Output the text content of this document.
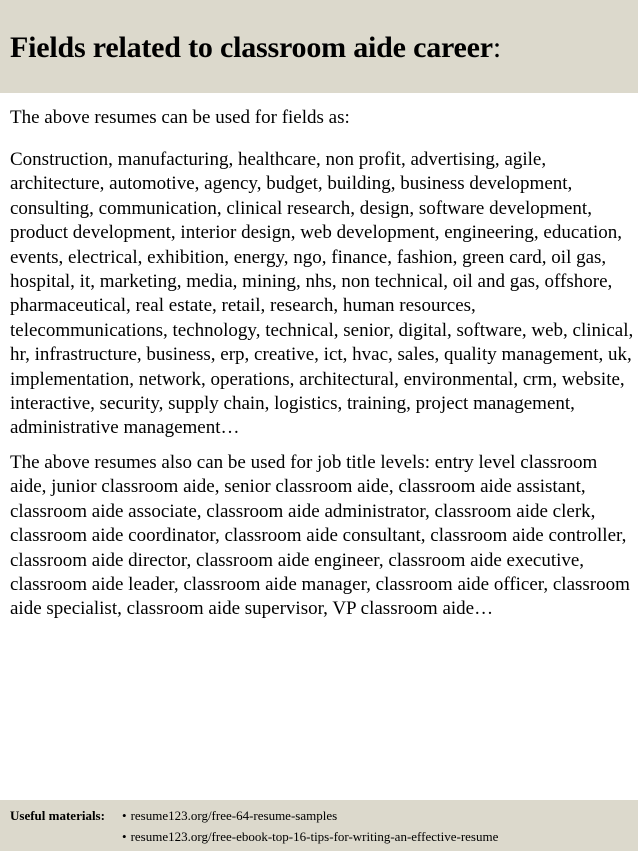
Fields related to classroom aide career:

The above resumes can be used for fields as:

Construction, manufacturing, healthcare, non profit, advertising, agile, architecture, automotive, agency, budget, building, business development, consulting, communication, clinical research, design, software development, product development, interior design, web development, engineering, education, events, electrical, exhibition, energy, ngo, finance, fashion, green card, oil gas, hospital, it, marketing, media, mining, nhs, non technical, oil and gas, offshore, pharmaceutical, real estate, retail, research, human resources, telecommunications, technology, technical, senior, digital, software, web, clinical, hr, infrastructure, business, erp, creative, ict, hvac, sales, quality management, uk, implementation, network, operations, architectural, environmental, crm, website, interactive, security, supply chain, logistics, training, project management, administrative management…

The above resumes also can be used for job title levels: entry level classroom aide, junior classroom aide, senior classroom aide, classroom aide assistant, classroom aide associate, classroom aide administrator, classroom aide clerk, classroom aide coordinator, classroom aide consultant, classroom aide controller, classroom aide director, classroom aide engineer, classroom aide executive, classroom aide leader, classroom aide manager, classroom aide officer, classroom aide specialist, classroom aide supervisor, VP classroom aide…

Useful materials: • resume123.org/free-64-resume-samples
• resume123.org/free-ebook-top-16-tips-for-writing-an-effective-resume
